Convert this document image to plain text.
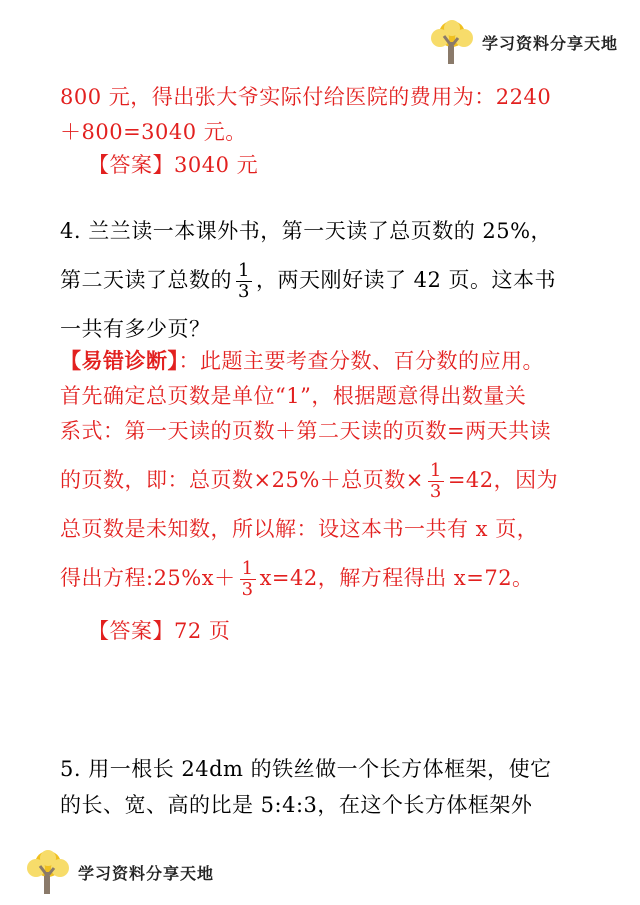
学习资料分享天地
800 元，得出张大爷实际付给医院的费用为：2240
＋800=3040 元。
【答案】3040 元
4. 兰兰读一本课外书，第一天读了总页数的 25%，
第二天读了总数的 $\frac{1}{3}$ ，两天刚好读了 42 页。这本书
一共有多少页？
【易错诊断】：此题主要考查分数、百分数的应用。
首先确定总页数是单位“1”，根据题意得出数量关
系式：第一天读的页数＋第二天读的页数=两天共读
的页数，即：总页数×25%＋总页数× $\frac{1}{3} =42$，因为
总页数是未知数，所以解：设这本书一共有 x 页，
得出方程:25%x＋ $\frac{1}{3} x=42$，解方程得出 x=72。
【答案】72 页
5. 用一根长 24dm 的铁丝做一个长方体框架，使它
的长、宽、高的比是 5:4:3，在这个长方体框架外
学习资料分享天地
